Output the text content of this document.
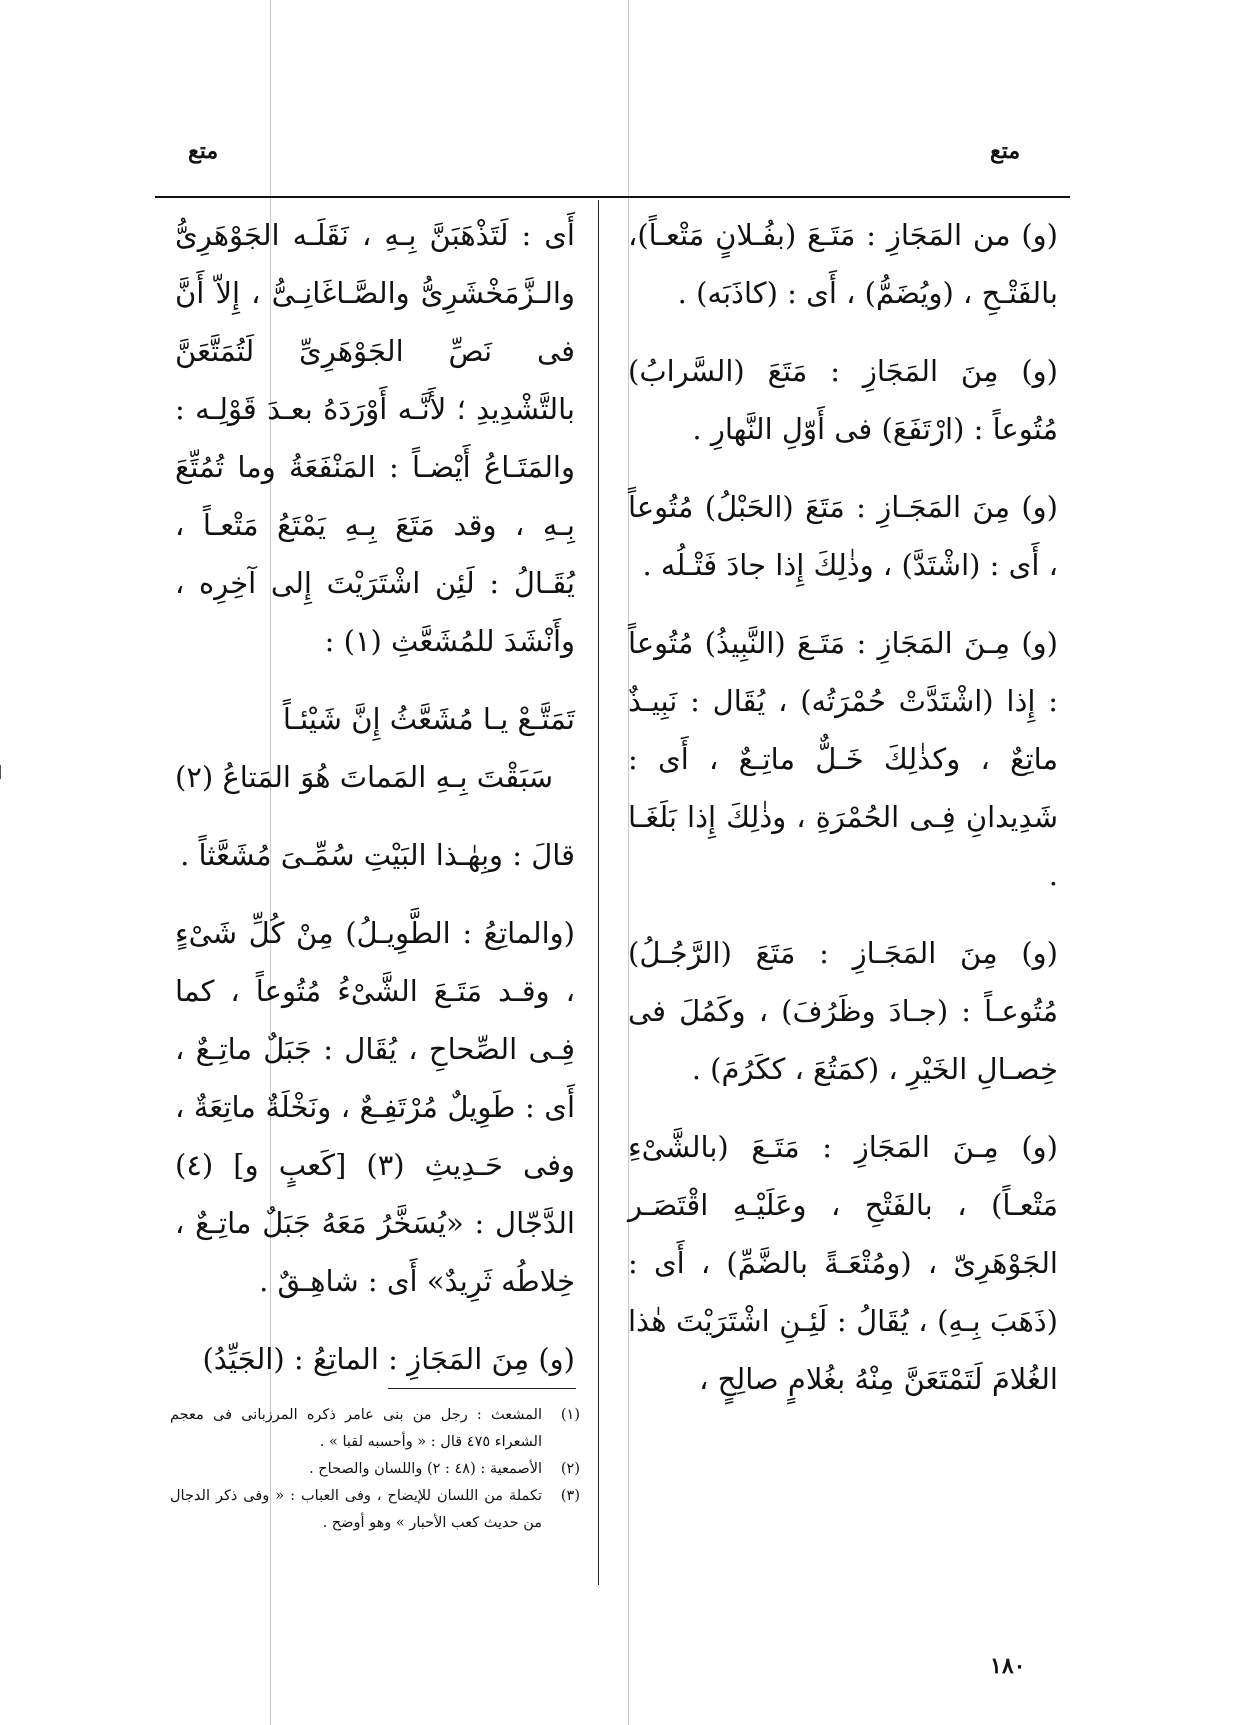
متع
متع

(و) من المَجَازِ : مَتَـعَ (بفُـلانٍ مَتْعـاً)، بالفَتْـحِ ، (ويُضَمُّ) ، أَى : (كاذَبَه) .

(و) مِنَ المَجَازِ : مَتَعَ (السَّرابُ) مُتُوعاً : (ارْتَفَعَ) فى أَوّلِ النَّهارِ .

(و) مِنَ المَجَـازِ : مَتَعَ (الحَبْلُ) مُتُوعاً ، أَى : (اشْتَدَّ) ، وذٰلِكَ إِذا جادَ فَتْـلُه .

(و) مِـنَ المَجَازِ : مَتَـعَ (النَّبِيذُ) مُتُوعاً : إِذا (اشْتَدَّتْ حُمْرَتُه) ، يُقَال : نَبِيـذٌ ماتِعٌ ، وكذٰلِكَ خَـلٌّ ماتِـعٌ ، أَى : شَدِيدانِ فِـى الحُمْرَةِ ، وذٰلِكَ إِذا بَلَغَـا .

(و) مِنَ المَجَـازِ : مَتَعَ (الرَّجُـلُ) مُتُوعـاً : (جـادَ وظَرُفَ) ، وكَمُلَ فى خِصـالِ الخَيْرِ ، (كمَتُعَ ، ككَرُمَ) .

(و) مِـنَ المَجَازِ : مَتَـعَ (بالشَّىْءِ مَتْعـاً) ، بالفَتْحِ ، وعَلَيْـهِ اقْتَصَـر الجَوْهَرِىّ ، (ومُتْعَـةً بالضَّمِّ) ، أَى : (ذَهَبَ بِـهِ) ، يُقَالُ : لَئِـنِ اشْتَرَيْتَ هٰذا الغُلامَ لَتَمْتَعَنَّ مِنْهُ بغُلامٍ صالِحٍ ،

أَى : لَتَذْهَبَنَّ بِـهِ ، نَقَلَـه الجَوْهَرِىُّ والـزَّمَخْشَرِىُّ والصَّـاغَانِـىُّ ، إِلاّ أَنَّ فى نَصِّ الجَوْهَرِىِّ لَتُمَتَّعَنَّ بالتَّشْدِيدِ ؛ لأَنَّـه أَوْرَدَهُ بعـدَ قَوْلِـه : والمَتَـاعُ أَيْضـاً : المَنْفَعَةُ وما تُمُتِّعَ بِـهِ ، وقد مَتَعَ بِـهِ يَمْتَعُ مَتْعـاً ، يُقَـالُ : لَئِن اشْتَرَيْتَ إِلى آخِرِه ، وأَنْشَدَ للمُشَعَّثِ (١) :

تَمَتَّـعْ يـا مُشَعَّثُ إِنَّ شَيْئـاً

سَبَقْتَ بِـهِ المَماتَ هُوَ المَتاعُ (٢)

قالَ : وبِهٰـذا البَيْتِ سُمِّـىَ مُشَعَّثاً .

(والماتِعُ : الطَّوِيـلُ) مِنْ كُلِّ شَىْءٍ ، وقـد مَتَـعَ الشَّىْءُ مُتُوعاً ، كما فِـى الصِّحاحِ ، يُقَال : جَبَلٌ ماتِـعٌ ، أَى : طَوِيلٌ مُرْتَفِـعٌ ، ونَخْلَةٌ ماتِعَةٌ ، وفى حَـدِيثِ (٣) [كَعبٍ و] (٤) الدَّجّال : «يُسَخَّرُ مَعَهُ جَبَلٌ ماتِـعٌ ، خِلاطُه ثَرِيدٌ» أَى : شاهِـقٌ .

(و) مِنَ المَجَازِ : الماتِعُ : (الجَيِّدُ)

(١)
المشعث : رجل من بنى عامر ذكره المرزبانى فى معجم الشعراء ٤٧٥ قال : « وأحسبه لقبا » .
(٢)
الأصمعية : (٤٨ : ٢) واللسان والصحاح .
(٣)
تكملة من اللسان للإيضاح ، وفى العباب : « وفى ذكر الدجال من حديث كعب الأحبار » وهو أوضح .
١٨٠
